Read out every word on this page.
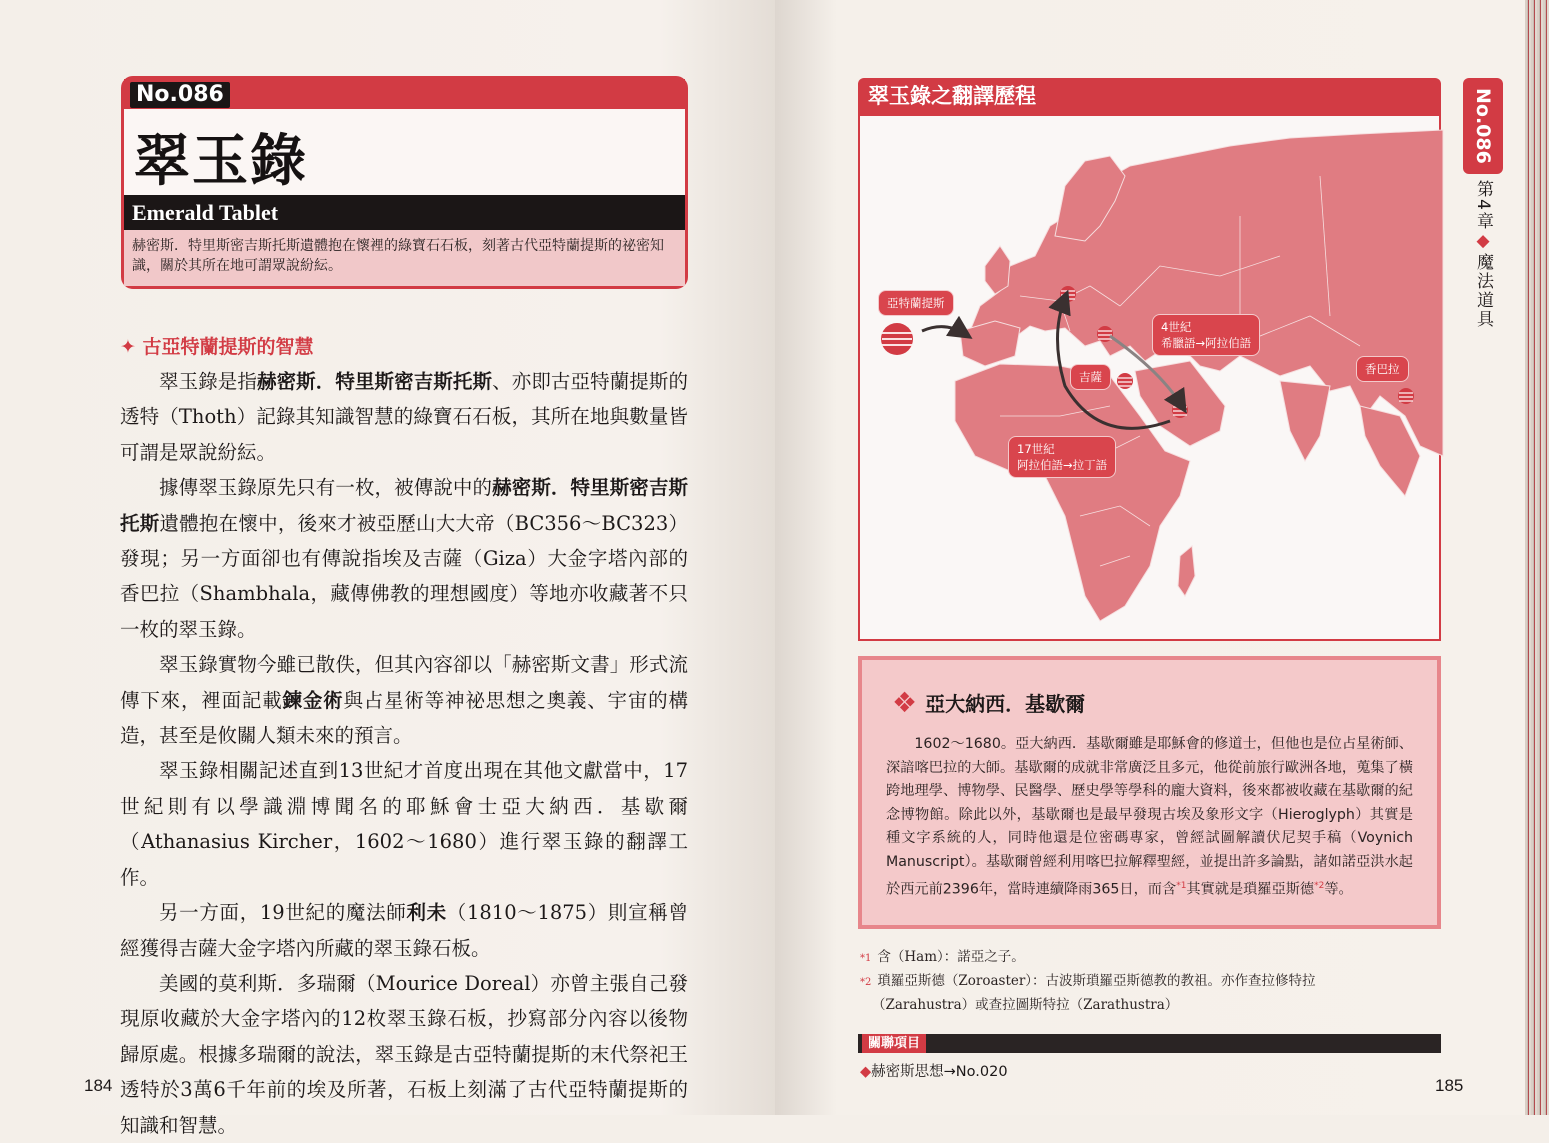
No.086
翠玉錄
Emerald Tablet
赫密斯．特里斯密吉斯托斯遺體抱在懷裡的綠寶石石板，刻著古代亞特蘭提斯的祕密知識，關於其所在地可謂眾說紛紜。
✦ 古亞特蘭提斯的智慧

翠玉錄是指赫密斯．特里斯密吉斯托斯、亦即古亞特蘭提斯的透特（Thoth）記錄其知識智慧的綠寶石石板，其所在地與數量皆可謂是眾說紛紜。

據傳翠玉錄原先只有一枚，被傳說中的赫密斯．特里斯密吉斯托斯遺體抱在懷中，後來才被亞歷山大大帝（BC356～BC323）發現；另一方面卻也有傳說指埃及吉薩（Giza）大金字塔內部的香巴拉（Shambhala，藏傳佛教的理想國度）等地亦收藏著不只一枚的翠玉錄。

翠玉錄實物今雖已散佚，但其內容卻以「赫密斯文書」形式流傳下來，裡面記載鍊金術與占星術等神祕思想之奧義、宇宙的構造，甚至是攸關人類未來的預言。

翠玉錄相關記述直到13世紀才首度出現在其他文獻當中，17世紀則有以學識淵博聞名的耶穌會士亞大納西．基歇爾（Athanasius Kircher，1602～1680）進行翠玉錄的翻譯工作。

另一方面，19世紀的魔法師利未（1810～1875）則宣稱曾經獲得吉薩大金字塔內所藏的翠玉錄石板。

美國的莫利斯．多瑞爾（Mourice Doreal）亦曾主張自己發現原收藏於大金字塔內的12枚翠玉錄石板，抄寫部分內容以後物歸原處。根據多瑞爾的說法，翠玉錄是古亞特蘭提斯的末代祭祀王透特於3萬6千年前的埃及所著，石板上刻滿了古代亞特蘭提斯的知識和智慧。

184
翠玉錄之翻譯歷程
亞特蘭提斯
吉薩
4世紀
希臘語→阿拉伯語
17世紀
阿拉伯語→拉丁語
香巴拉
No.086
第4章◆魔法道具
❖ 亞大納西．基歇爾
1602～1680。亞大納西．基歇爾雖是耶穌會的修道士，但他也是位占星術師、深諳喀巴拉的大師。基歇爾的成就非常廣泛且多元，他從前旅行歐洲各地，蒐集了橫跨地理學、博物學、民醫學、歷史學等學科的龐大資料，後來都被收藏在基歇爾的紀念博物館。除此以外，基歇爾也是最早發現古埃及象形文字（Hieroglyph）其實是種文字系統的人，同時他還是位密碼專家，曾經試圖解讀伏尼契手稿（Voynich Manuscript）。基歇爾曾經利用喀巴拉解釋聖經，並提出許多論點，諸如諾亞洪水起於西元前2396年，當時連續降雨365日，而含$^{*1}$其實就是瑣羅亞斯德$^{*2}$等。
*1 含（Ham）：諾亞之子。
*2 瑣羅亞斯德（Zoroaster）：古波斯瑣羅亞斯德教的教祖。亦作查拉修特拉
（Zarahustra）或查拉圖斯特拉（Zarathustra）
關聯項目
◆赫密斯思想→No.020
185
